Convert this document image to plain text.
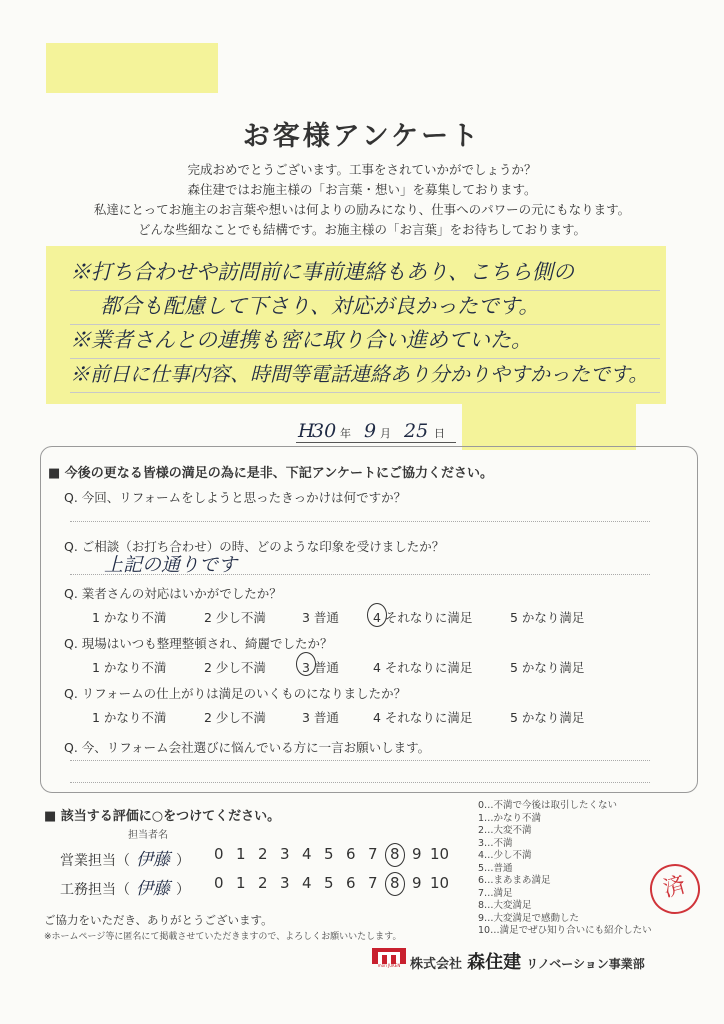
お客様アンケート
完成おめでとうございます。工事をされていかがでしょうか？
森住建ではお施主様の「お言葉・想い」を募集しております。
私達にとってお施主のお言葉や想いは何よりの励みになり、仕事へのパワーの元にもなります。
どんな些細なことでも結構です。お施主様の「お言葉」をお待ちしております。
※打ち合わせや訪問前に事前連絡もあり、こちら側の
都合も配慮して下さり、対応が良かったです。
※業者さんとの連携も密に取り合い進めていた。
※前日に仕事内容、時間等電話連絡あり分かりやすかったです。
H
30 年 9 月 25 日
■ 今後の更なる皆様の満足の為に是非、下記アンケートにご協力ください。
Q. 今回、リフォームをしようと思ったきっかけは何ですか？
Q. ご相談（お打ち合わせ）の時、どのような印象を受けましたか？
上記の通りです
Q. 業者さんの対応はいかがでしたか？
1 かなり不満	2 少し不満	3 普通	4 それなりに満足	5 かなり満足
Q. 現場はいつも整理整頓され、綺麗でしたか？
1 かなり不満	2 少し不満	3 普通	4 それなりに満足	5 かなり満足
Q. リフォームの仕上がりは満足のいくものになりましたか？
1 かなり不満	2 少し不満	3 普通	4 それなりに満足	5 かなり満足
Q. 今、リフォーム会社選びに悩んでいる方に一言お願いします。
■ 該当する評価に○をつけてください。
担当者名
営業担当（ 伊藤 ）
工務担当（ 伊藤 ）
0 1 2 3 4 5 6 7 8 9 10
0 1 2 3 4 5 6 7 8 9 10
0…不満で今後は取引したくない
1…かなり不満
2…大変不満
3…不満
4…少し不満
5…普通
6…まあまあ満足
7…満足
8…大変満足
9…大変満足で感動した
10…満足でぜひ知り合いにも紹介したい
済
ご協力をいただき、ありがとうございます。
※ホームページ等に匿名にて掲載させていただきますので、よろしくお願いいたします。
mori JUKEN 株式会社 森住建 リノベーション事業部
